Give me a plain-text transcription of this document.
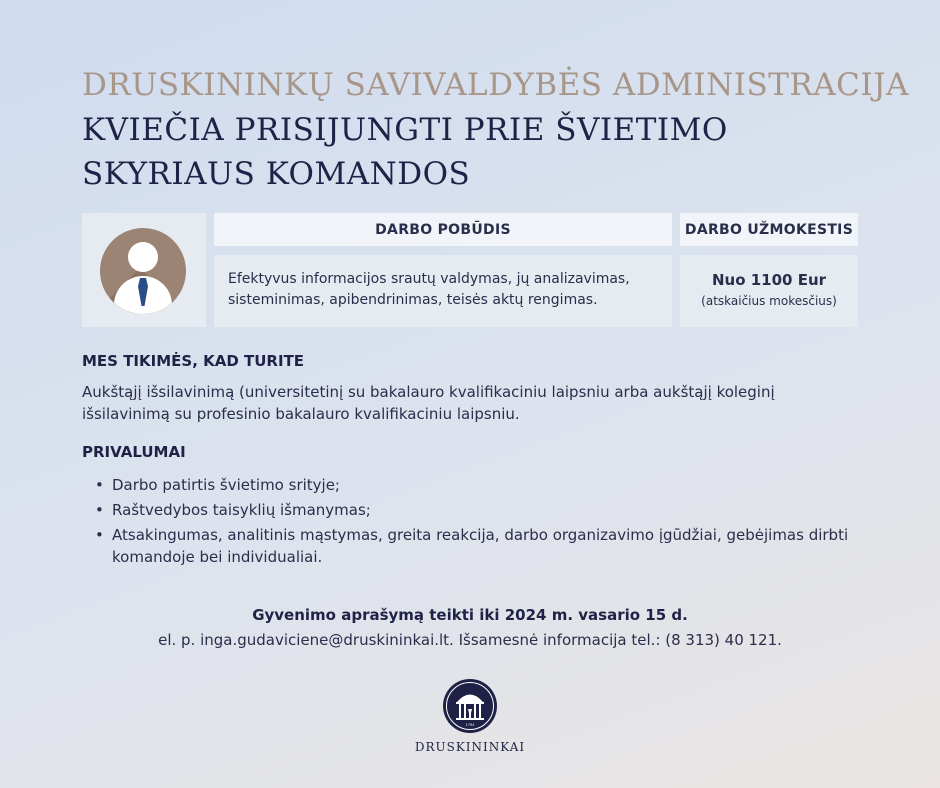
DRUSKININKŲ SAVIVALDYBĖS ADMINISTRACIJA
KVIEČIA PRISIJUNGTI PRIE ŠVIETIMO SKYRIAUS KOMANDOS
DARBO POBŪDIS	DARBO UŽMOKESTIS
Efektyvus informacijos srautų valdymas, jų analizavimas, sisteminimas, apibendrinimas, teisės aktų rengimas.
Nuo 1100 Eur
(atskaičius mokesčius)
MES TIKIMĖS, KAD TURITE
Aukštąjį išsilavinimą (universitetinį su bakalauro kvalifikaciniu laipsniu arba aukštąjį koleginį išsilavinimą su profesinio bakalauro kvalifikaciniu laipsniu.
PRIVALUMAI
• Darbo patirtis švietimo srityje;
• Raštvedybos taisyklių išmanymas;
• Atsakingumas, analitinis mąstymas, greita reakcija, darbo organizavimo įgūdžiai, gebėjimas dirbti komandoje bei individualiai.
Gyvenimo aprašymą teikti iki 2024 m. vasario 15 d.
el. p. inga.gudaviciene@druskininkai.lt. Išsamesnė informacija tel.: (8 313) 40 121.
1794
DRUSKININKAI
